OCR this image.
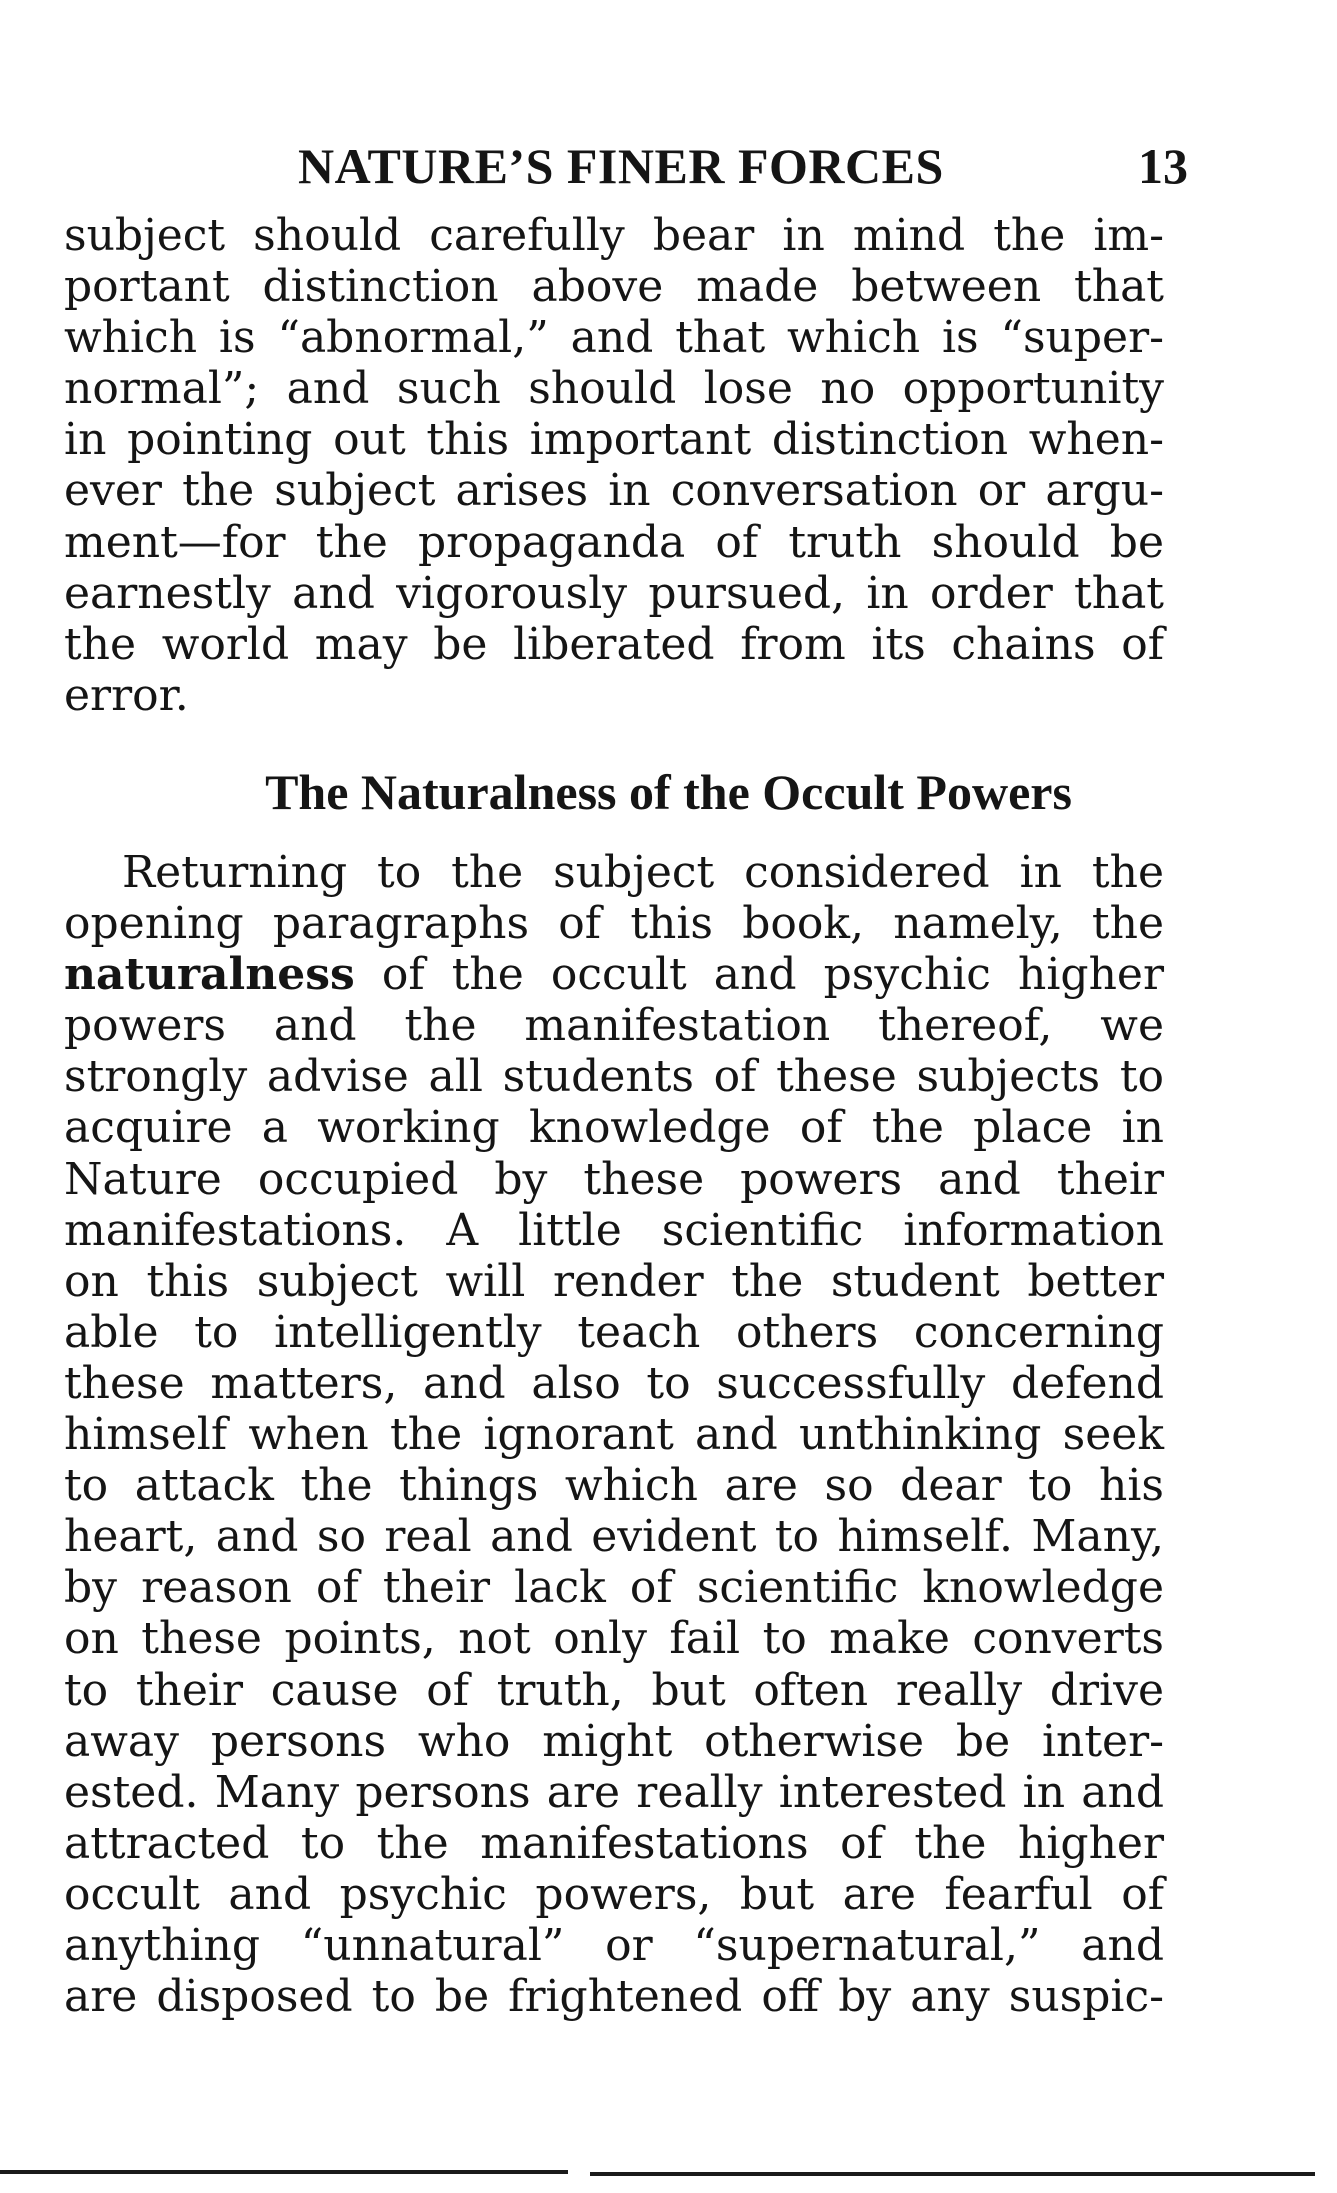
NATURE’S FINER FORCES	13
subject should carefully bear in mind the im-
portant distinction above made between that
which is “abnormal,” and that which is “super-
normal”; and such should lose no opportunity
in pointing out this important distinction when-
ever the subject arises in conversation or argu-
ment—for the propaganda of truth should be
earnestly and vigorously pursued, in order that
the world may be liberated from its chains of
error.
The Naturalness of the Occult Powers
Returning to the subject considered in the
opening paragraphs of this book, namely, the
naturalness of the occult and psychic higher
powers and the manifestation thereof, we
strongly advise all students of these subjects to
acquire a working knowledge of the place in
Nature occupied by these powers and their
manifestations. A little scientific information
on this subject will render the student better
able to intelligently teach others concerning
these matters, and also to successfully defend
himself when the ignorant and unthinking seek
to attack the things which are so dear to his
heart, and so real and evident to himself. Many,
by reason of their lack of scientific knowledge
on these points, not only fail to make converts
to their cause of truth, but often really drive
away persons who might otherwise be inter-
ested. Many persons are really interested in and
attracted to the manifestations of the higher
occult and psychic powers, but are fearful of
anything “unnatural” or “supernatural,” and
are disposed to be frightened off by any suspic-
